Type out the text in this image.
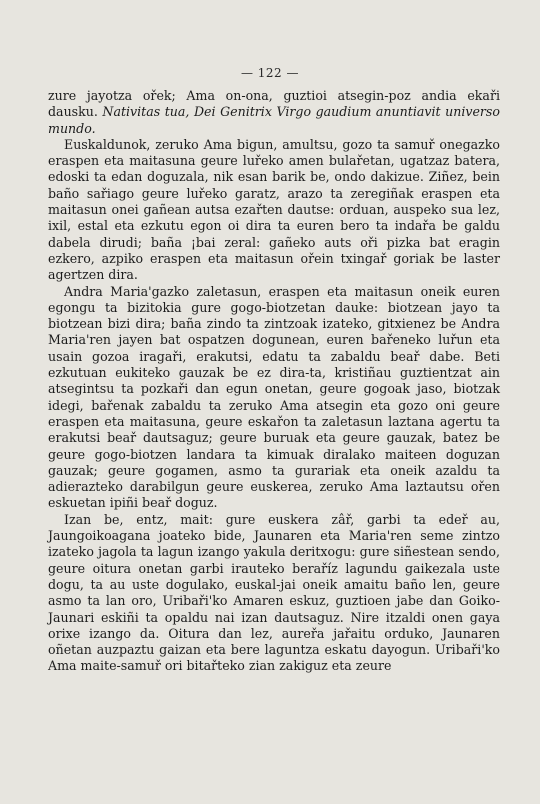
— 122 —

zure jayotza ořek; Ama on-ona, guztioi atsegin-poz andia ekaři dausku. Nativitas tua, Dei Genitrix Virgo gaudium anuntiavit universo mundo.

Euskaldunok, zeruko Ama bigun, amultsu, gozo ta samuř onegazko eraspen eta maitasuna geure luřeko amen bulařetan, ugatzaz batera, edoski ta edan doguzala, nik esan barik be, ondo dakizue. Ziñez, bein baño sařiago geure luřeko garatz, arazo ta zeregiñak eraspen eta maitasun onei gañean autsa ezařten dautse: orduan, auspeko sua lez, ixil, estal eta ezkutu egon oi dira ta euren bero ta indařa be galdu dabela dirudi; baña ¡bai zeral: gañeko auts oři pizka bat eragin ezkero, azpiko eraspen eta maitasun ořein txingař goriak be laster agertzen dira.

Andra Maria'gazko zaletasun, eraspen eta maitasun oneik euren egongu ta bizitokia gure gogo-biotzetan dauke: biotzean jayo ta biotzean bizi dira; baña zindo ta zintzoak izateko, gitxienez be Andra Maria'ren jayen bat ospatzen dogunean, euren bařeneko luřun eta usain gozoa iragaři, erakutsi, edatu ta zabaldu beař dabe. Beti ezkutuan eukiteko gauzak be ez dira-ta, kristiñau guztientzat ain atsegintsu ta pozkaři dan egun onetan, geure gogoak jaso, biotzak idegi, bařenak zabaldu ta zeruko Ama atsegin eta gozo oni geure eraspen eta maitasuna, geure eskařon ta zaletasun laztana agertu ta erakutsi beař dautsaguz; geure buruak eta geure gauzak, batez be geure gogo-biotzen landara ta kimuak diralako maiteen doguzan gauzak; geure gogamen, asmo ta gurariak eta oneik azaldu ta adierazteko darabilgun geure euskerea, zeruko Ama laztautsu ořen eskuetan ipiñi beař doguz.

Izan be, entz, mait: gure euskera zâř, garbi ta edeř au, Jaungoikoagana joateko bide, Jaunaren eta Maria'ren seme zintzo izateko jagola ta lagun izango yakula deritxogu: gure siñestean sendo, geure oitura onetan garbi irauteko beraříz lagundu gaikezala uste dogu, ta au uste dogulako, euskal-jai oneik amaitu baño len, geure asmo ta lan oro, Uribaři'ko Amaren eskuz, guztioen jabe dan Goiko-Jaunari eskiñi ta opaldu nai izan dautsaguz. Nire itzaldi onen gaya orixe izango da. Oitura dan lez, aureřa jařaitu orduko, Jaunaren oñetan auzpaztu gaizan eta bere laguntza eskatu dayogun. Uribaři'ko Ama maite-samuř ori bitařteko zian zakiguz eta zeure
